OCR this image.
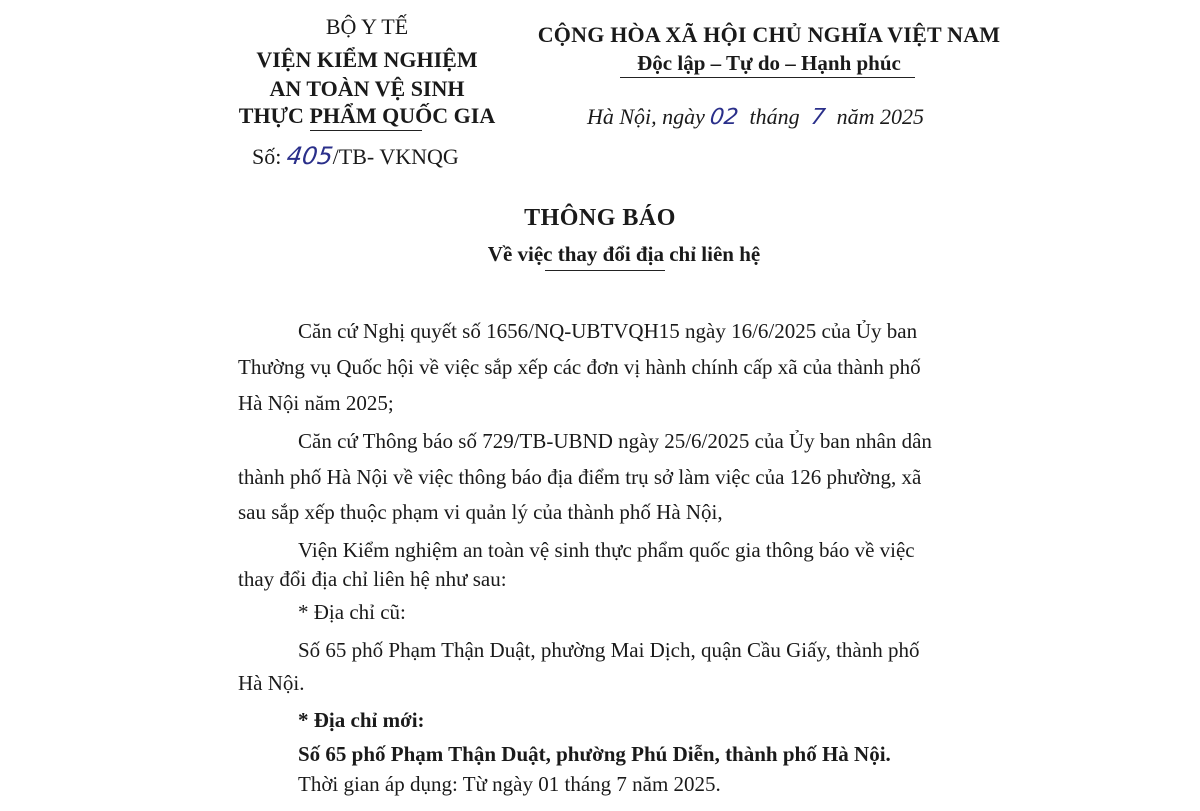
BỘ Y TẾ
VIỆN KIỂM NGHIỆM
AN TOÀN VỆ SINH
THỰC PHẨM QUỐC GIA
Số: 405/TB- VKNQG
CỘNG HÒA XÃ HỘI CHỦ NGHĨA VIỆT NAM
Độc lập – Tự do – Hạnh phúc
Hà Nội, ngày 02 tháng 7 năm 2025
THÔNG BÁO
Về việc thay đổi địa chỉ liên hệ
Căn cứ Nghị quyết số 1656/NQ-UBTVQH15 ngày 16/6/2025 của Ủy ban
Thường vụ Quốc hội về việc sắp xếp các đơn vị hành chính cấp xã của thành phố
Hà Nội năm 2025;
Căn cứ Thông báo số 729/TB-UBND ngày 25/6/2025 của Ủy ban nhân dân
thành phố Hà Nội về việc thông báo địa điểm trụ sở làm việc của 126 phường, xã
sau sắp xếp thuộc phạm vi quản lý của thành phố Hà Nội,
Viện Kiểm nghiệm an toàn vệ sinh thực phẩm quốc gia thông báo về việc
thay đổi địa chỉ liên hệ như sau:
* Địa chỉ cũ:
Số 65 phố Phạm Thận Duật, phường Mai Dịch, quận Cầu Giấy, thành phố
Hà Nội.
* Địa chỉ mới:
Số 65 phố Phạm Thận Duật, phường Phú Diễn, thành phố Hà Nội.
Thời gian áp dụng: Từ ngày 01 tháng 7 năm 2025.
